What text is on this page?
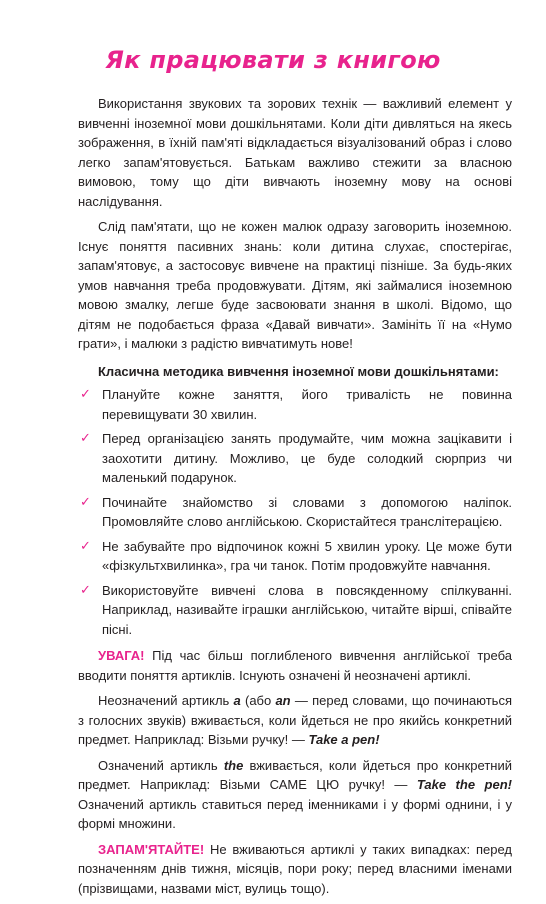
Як працювати з книгою

Використання звукових та зорових технік — важливий елемент у вивченні іноземної мови дошкільнятами. Коли діти дивляться на якесь зображення, в їхній пам'яті відкладається візуалізований образ і слово легко запам'ятовується. Батькам важливо стежити за власною вимовою, тому що діти вивчають іноземну мову на основі наслідування.

Слід пам'ятати, що не кожен малюк одразу заговорить іноземною. Існує поняття пасивних знань: коли дитина слухає, спостерігає, запам'ятовує, а застосовує вивчене на практиці пізніше. За будь-яких умов навчання треба продовжувати. Дітям, які займалися іноземною мовою змалку, легше буде засвоювати знання в школі. Відомо, що дітям не подобається фраза «Давай вивчати». Замініть її на «Нумо грати», і малюки з радістю вивчатимуть нове!

Класична методика вивчення іноземної мови дошкільнятами:

✓ Плануйте кожне заняття, його тривалість не повинна перевищувати 30 хвилин.
✓ Перед організацією занять продумайте, чим можна зацікавити і заохотити дитину. Можливо, це буде солодкий сюрприз чи маленький подарунок.
✓ Починайте знайомство зі словами з допомогою наліпок. Промовляйте слово англійською. Скористайтеся транслітерацією.
✓ Не забувайте про відпочинок кожні 5 хвилин уроку. Це може бути «фізкультхвилинка», гра чи танок. Потім продовжуйте навчання.
✓ Використовуйте вивчені слова в повсякденному спілкуванні. Наприклад, називайте іграшки англійською, читайте вірші, співайте пісні.

УВАГА! Під час більш поглибленого вивчення англійської треба вводити поняття артиклів. Існують означені й неозначені артиклі.

Неозначений артикль a (або an — перед словами, що починаються з голосних звуків) вживається, коли йдеться не про якийсь конкретний предмет. Наприклад: Візьми ручку! — Take a pen!

Означений артикль the вживається, коли йдеться про конкретний предмет. Наприклад: Візьми САМЕ ЦЮ ручку! — Take the pen! Означений артикль ставиться перед іменниками і у формі однини, і у формі множини.

ЗАПАМ'ЯТАЙТЕ! Не вживаються артиклі у таких випадках: перед позначенням днів тижня, місяців, пори року; перед власними іменами (прізвищами, назвами міст, вулиць тощо).
